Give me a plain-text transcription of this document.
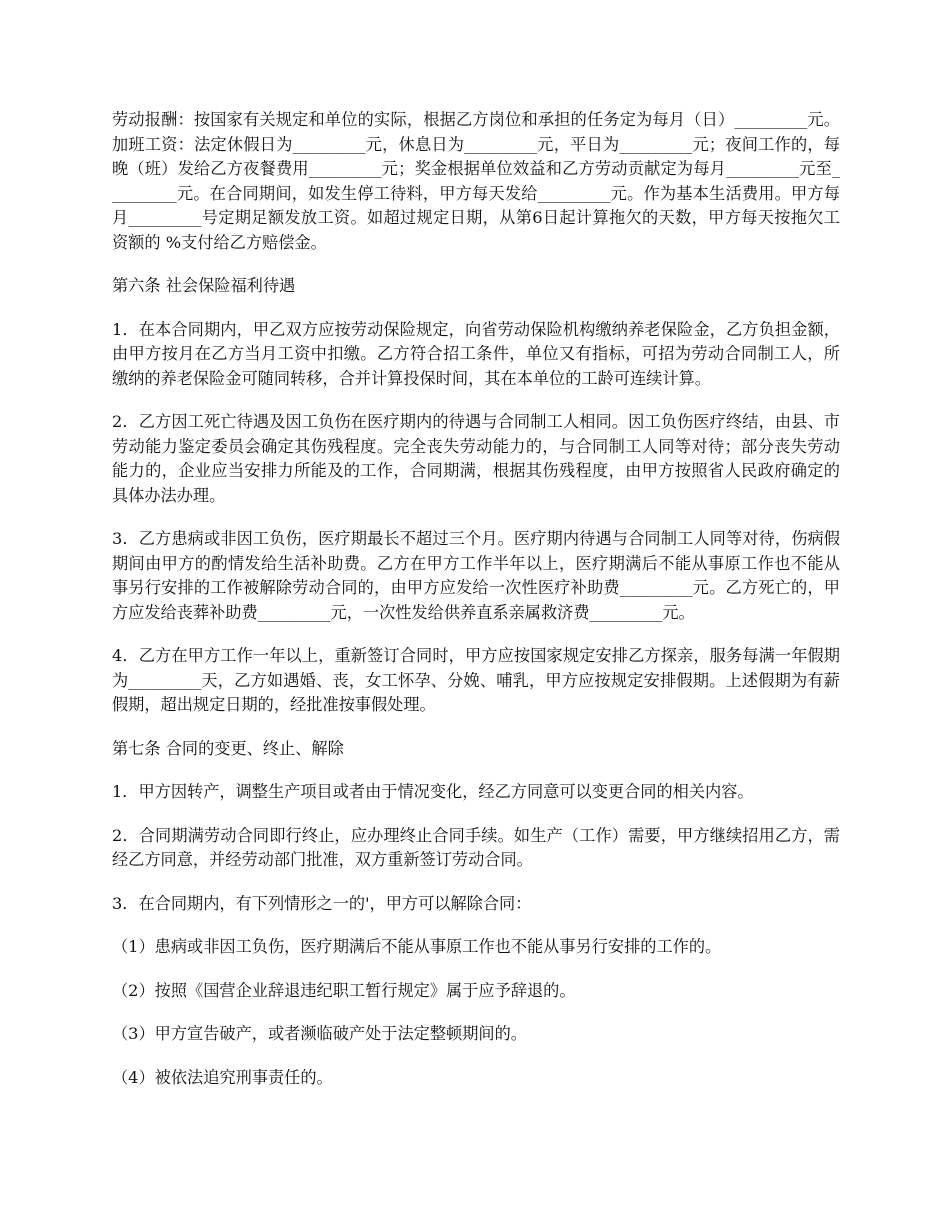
劳动报酬：按国家有关规定和单位的实际，根据乙方岗位和承担的任务定为每月（日）_________元。加班工资：法定休假日为_________元，休息日为_________元，平日为_________元；夜间工作的，每晚（班）发给乙方夜餐费用_________元；奖金根据单位效益和乙方劳动贡献定为每月_________元至_________元。在合同期间，如发生停工待料，甲方每天发给_________元。作为基本生活费用。甲方每月_________号定期足额发放工资。如超过规定日期，从第6日起计算拖欠的天数，甲方每天按拖欠工资额的 %支付给乙方赔偿金。

第六条 社会保险福利待遇

1．在本合同期内，甲乙双方应按劳动保险规定，向省劳动保险机构缴纳养老保险金，乙方负担金额，由甲方按月在乙方当月工资中扣缴。乙方符合招工条件，单位又有指标，可招为劳动合同制工人，所缴纳的养老保险金可随同转移，合并计算投保时间，其在本单位的工龄可连续计算。

2．乙方因工死亡待遇及因工负伤在医疗期内的待遇与合同制工人相同。因工负伤医疗终结，由县、市劳动能力鉴定委员会确定其伤残程度。完全丧失劳动能力的，与合同制工人同等对待；部分丧失劳动能力的，企业应当安排力所能及的工作，合同期满，根据其伤残程度，由甲方按照省人民政府确定的具体办法办理。

3．乙方患病或非因工负伤，医疗期最长不超过三个月。医疗期内待遇与合同制工人同等对待，伤病假期间由甲方的酌情发给生活补助费。乙方在甲方工作半年以上，医疗期满后不能从事原工作也不能从事另行安排的工作被解除劳动合同的，由甲方应发给一次性医疗补助费_________元。乙方死亡的，甲方应发给丧葬补助费_________元，一次性发给供养直系亲属救济费_________元。

4．乙方在甲方工作一年以上，重新签订合同时，甲方应按国家规定安排乙方探亲，服务每满一年假期为_________天，乙方如遇婚、丧，女工怀孕、分娩、哺乳，甲方应按规定安排假期。上述假期为有薪假期，超出规定日期的，经批准按事假处理。

第七条 合同的变更、终止、解除

1．甲方因转产，调整生产项目或者由于情况变化，经乙方同意可以变更合同的相关内容。

2．合同期满劳动合同即行终止，应办理终止合同手续。如生产（工作）需要，甲方继续招用乙方，需经乙方同意，并经劳动部门批准，双方重新签订劳动合同。

3．在合同期内，有下列情形之一的'，甲方可以解除合同：

（1）患病或非因工负伤，医疗期满后不能从事原工作也不能从事另行安排的工作的。

（2）按照《国营企业辞退违纪职工暂行规定》属于应予辞退的。

（3）甲方宣告破产，或者濒临破产处于法定整顿期间的。

（4）被依法追究刑事责任的。
